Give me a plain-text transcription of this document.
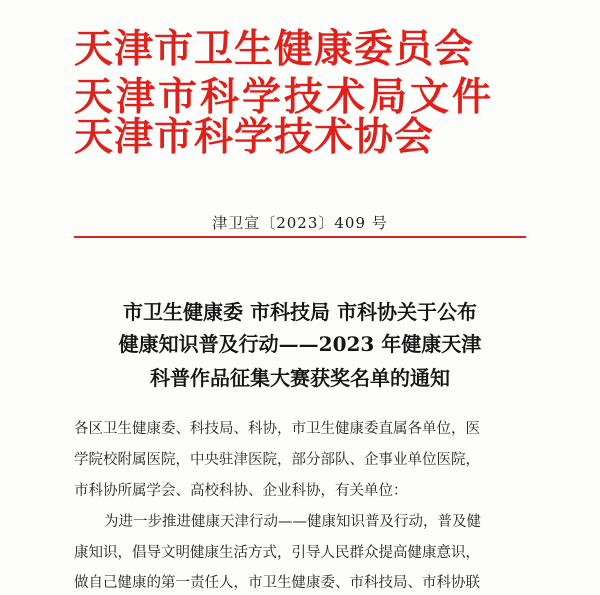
天津市卫生健康委员会
天津市科学技术局文件
天津市科学技术协会
津卫宣〔2023〕409 号
市卫生健康委 市科技局 市科协关于公布
健康知识普及行动——2023 年健康天津
科普作品征集大赛获奖名单的通知
各区卫生健康委、科技局、科协，市卫生健康委直属各单位，医
学院校附属医院，中央驻津医院，部分部队、企事业单位医院，
市科协所属学会、高校科协、企业科协，有关单位：
为进一步推进健康天津行动——健康知识普及行动，普及健
康知识，倡导文明健康生活方式，引导人民群众提高健康意识，
做自己健康的第一责任人，市卫生健康委、市科技局、市科协联
